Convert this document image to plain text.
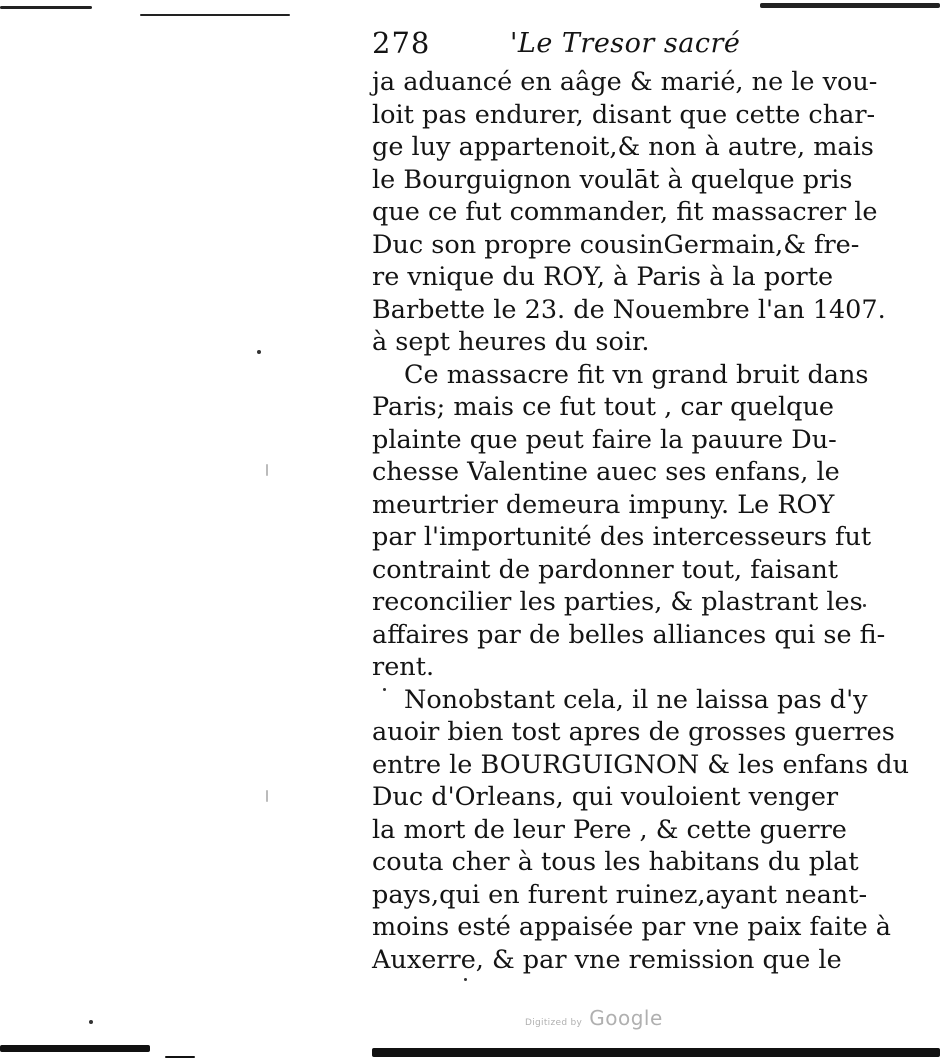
278	'Le Tresor sacré
ja aduancé en aâge & marié, ne le vou-
loit pas endurer, disant que cette char-
ge luy appartenoit,& non à autre, mais
le Bourguignon voulāt à quelque pris
que ce fut commander, fit massacrer le
Duc son propre cousinGermain,& fre-
re vnique du ROY, à Paris à la porte
Barbette le 23. de Nouembre l'an 1407.
à sept heures du soir.
Ce massacre fit vn grand bruit dans
Paris; mais ce fut tout , car quelque
plainte que peut faire la pauure Du-
chesse Valentine auec ses enfans, le
meurtrier demeura impuny. Le ROY
par l'importunité des intercesseurs fut
contraint de pardonner tout, faisant
reconcilier les parties, & plastrant les
affaires par de belles alliances qui se fi-
rent.
Nonobstant cela, il ne laissa pas d'y
auoir bien tost apres de grosses guerres
entre le BOURGUIGNON & les enfans du
Duc d'Orleans, qui vouloient venger
la mort de leur Pere , & cette guerre
couta cher à tous les habitans du plat
pays,qui en furent ruinez,ayant neant-
moins esté appaisée par vne paix faite à
Auxerre, & par vne remission que le
Digitized by Google
